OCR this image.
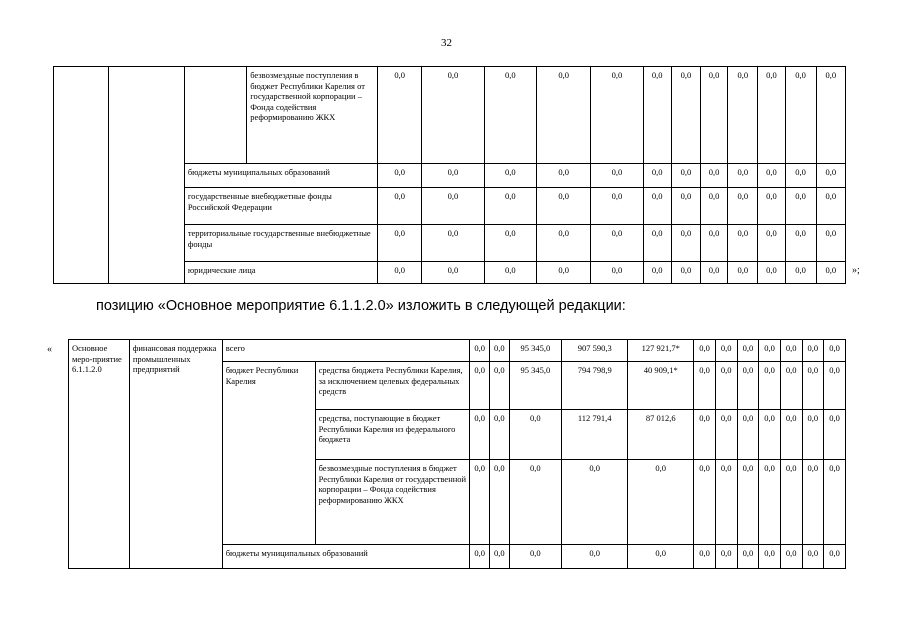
32
			безвозмездные поступления в бюджет Республики Карелия от государственной корпорации – Фонда содействия реформированию ЖКХ	0,0	0,0	0,0	0,0	0,0	0,0	0,0	0,0	0,0	0,0	0,0	0,0
		бюджеты муниципальных образований		0,0	0,0	0,0	0,0	0,0	0,0	0,0	0,0	0,0	0,0	0,0	0,0
		государственные внебюджетные фонды Российской Федерации		0,0	0,0	0,0	0,0	0,0	0,0	0,0	0,0	0,0	0,0	0,0	0,0
		территориальные государственные внебюджетные фонды		0,0	0,0	0,0	0,0	0,0	0,0	0,0	0,0	0,0	0,0	0,0	0,0
		юридические лица		0,0	0,0	0,0	0,0	0,0	0,0	0,0	0,0	0,0	0,0	0,0	0,0 »;
позицию «Основное мероприятие 6.1.1.2.0» изложить в следующей редакции:
« Основное меро-приятие 6.1.1.2.0	финансовая поддержка промышленных предприятий	всего		0,0	0,0	95 345,0	907 590,3	127 921,7*	0,0	0,0	0,0	0,0	0,0	0,0	0,0
		бюджет Республики Карелия	средства бюджета Республики Карелия, за исключением целевых федеральных средств	0,0	0,0	95 345,0	794 798,9	40 909,1*	0,0	0,0	0,0	0,0	0,0	0,0	0,0
			средства, поступающие в бюджет Республики Карелия из федерального бюджета	0,0	0,0	0,0	112 791,4	87 012,6	0,0	0,0	0,0	0,0	0,0	0,0	0,0
			безвозмездные поступления в бюджет Республики Карелия от государственной корпорации – Фонда содействия реформированию ЖКХ	0,0	0,0	0,0	0,0	0,0	0,0	0,0	0,0	0,0	0,0	0,0	0,0
		бюджеты муниципальных образований		0,0	0,0	0,0	0,0	0,0	0,0	0,0	0,0	0,0	0,0	0,0	0,0
